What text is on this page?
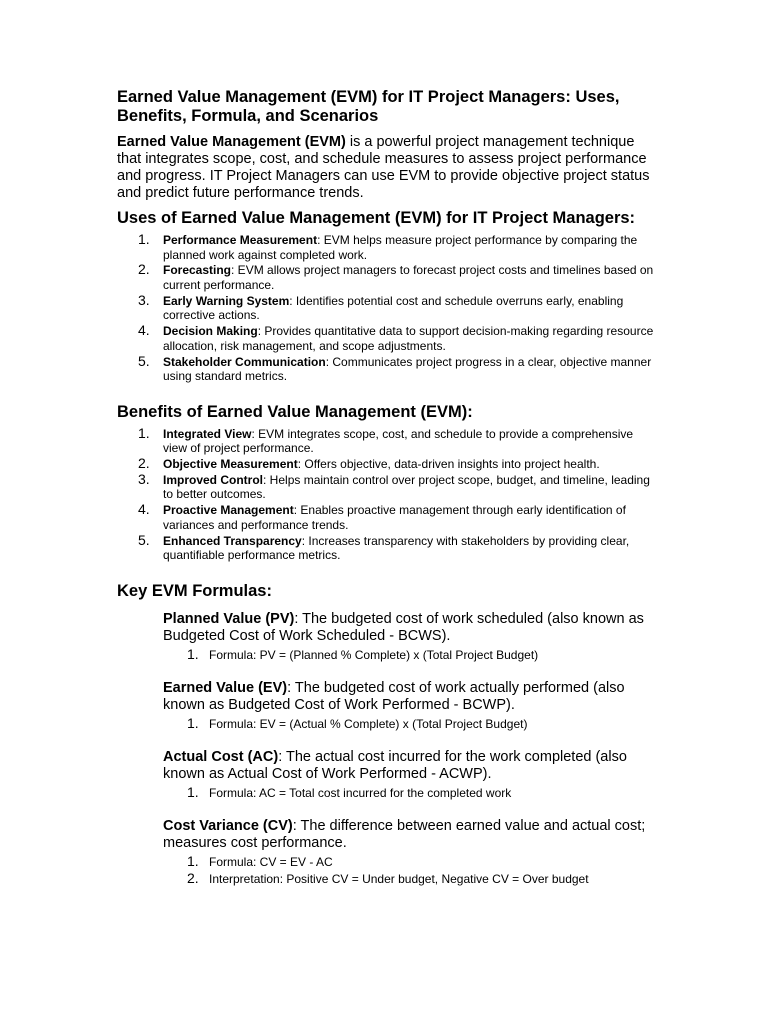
Earned Value Management (EVM) for IT Project Managers: Uses, Benefits, Formula, and Scenarios

Earned Value Management (EVM) is a powerful project management technique that integrates scope, cost, and schedule measures to assess project performance and progress. IT Project Managers can use EVM to provide objective project status and predict future performance trends.

Uses of Earned Value Management (EVM) for IT Project Managers:
1.	Performance Measurement: EVM helps measure project performance by comparing the planned work against completed work.
2.	Forecasting: EVM allows project managers to forecast project costs and timelines based on current performance.
3.	Early Warning System: Identifies potential cost and schedule overruns early, enabling corrective actions.
4.	Decision Making: Provides quantitative data to support decision-making regarding resource allocation, risk management, and scope adjustments.
5.	Stakeholder Communication: Communicates project progress in a clear, objective manner using standard metrics.
Benefits of Earned Value Management (EVM):
1.	Integrated View: EVM integrates scope, cost, and schedule to provide a comprehensive view of project performance.
2.	Objective Measurement: Offers objective, data-driven insights into project health.
3.	Improved Control: Helps maintain control over project scope, budget, and timeline, leading to better outcomes.
4.	Proactive Management: Enables proactive management through early identification of variances and performance trends.
5.	Enhanced Transparency: Increases transparency with stakeholders by providing clear, quantifiable performance metrics.
Key EVM Formulas:

Planned Value (PV): The budgeted cost of work scheduled (also known as Budgeted Cost of Work Scheduled - BCWS).

1. Formula: PV = (Planned % Complete) x (Total Project Budget)

Earned Value (EV): The budgeted cost of work actually performed (also known as Budgeted Cost of Work Performed - BCWP).

1. Formula: EV = (Actual % Complete) x (Total Project Budget)

Actual Cost (AC): The actual cost incurred for the work completed (also known as Actual Cost of Work Performed - ACWP).

1. Formula: AC = Total cost incurred for the completed work

Cost Variance (CV): The difference between earned value and actual cost; measures cost performance.

1. Formula: CV = EV - AC
2. Interpretation: Positive CV = Under budget, Negative CV = Over budget
